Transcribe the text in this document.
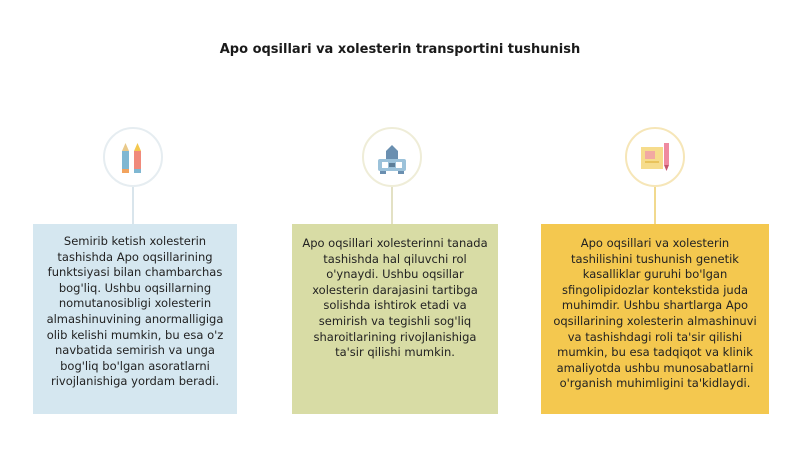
Apo oqsillari va xolesterin transportini tushunish
Semirib ketish xolesterin tashishda Apo oqsillarining funktsiyasi bilan chambarchas bog'liq. Ushbu oqsillarning nomutanosibligi xolesterin almashinuvining anormalligiga olib kelishi mumkin, bu esa o'z navbatida semirish va unga bog'liq bo'lgan asoratlarni rivojlanishiga yordam beradi.
Apo oqsillari xolesterinni tanada tashishda hal qiluvchi rol o'ynaydi. Ushbu oqsillar xolesterin darajasini tartibga solishda ishtirok etadi va semirish va tegishli sog'liq sharoitlarining rivojlanishiga ta'sir qilishi mumkin.
Apo oqsillari va xolesterin tashilishini tushunish genetik kasalliklar guruhi bo'lgan sfingolipidozlar kontekstida juda muhimdir. Ushbu shartlarga Apo oqsillarining xolesterin almashinuvi va tashishdagi roli ta'sir qilishi mumkin, bu esa tadqiqot va klinik amaliyotda ushbu munosabatlarni o'rganish muhimligini ta'kidlaydi.
